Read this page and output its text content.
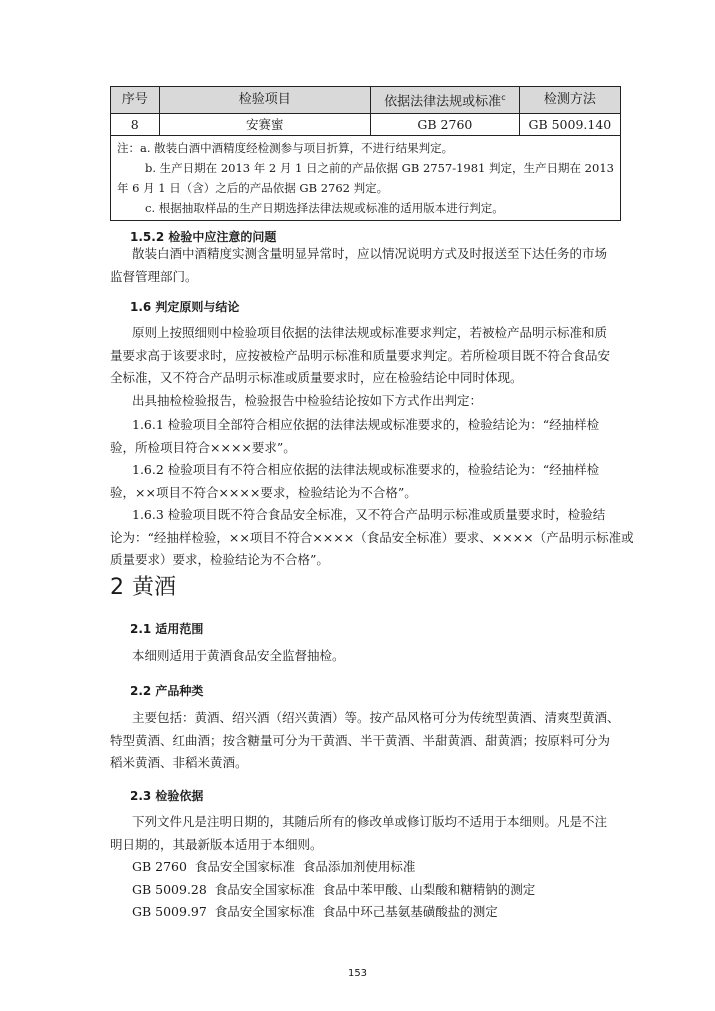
序号	检验项目	依据法律法规或标准$^c$	检测方法
8	安赛蜜	GB 2760	GB 5009.140

注：a. 散装白酒中酒精度经检测参与项目折算，不进行结果判定。
b. 生产日期在 2013 年 2 月 1 日之前的产品依据 GB 2757-1981 判定，生产日期在 2013
年 6 月 1 日（含）之后的产品依据 GB 2762 判定。
c. 根据抽取样品的生产日期选择法律法规或标准的适用版本进行判定。			
1.5.2 检验中应注意的问题
散装白酒中酒精度实测含量明显异常时，应以情况说明方式及时报送至下达任务的市场
监督管理部门。
1.6 判定原则与结论
原则上按照细则中检验项目依据的法律法规或标准要求判定，若被检产品明示标准和质
量要求高于该要求时，应按被检产品明示标准和质量要求判定。若所检项目既不符合食品安
全标准，又不符合产品明示标准或质量要求时，应在检验结论中同时体现。
出具抽检检验报告，检验报告中检验结论按如下方式作出判定：
1.6.1 检验项目全部符合相应依据的法律法规或标准要求的，检验结论为：“经抽样检
验，所检项目符合××××要求”。
1.6.2 检验项目有不符合相应依据的法律法规或标准要求的，检验结论为：“经抽样检
验，××项目不符合××××要求，检验结论为不合格”。
1.6.3 检验项目既不符合食品安全标准，又不符合产品明示标准或质量要求时，检验结
论为：“经抽样检验，××项目不符合××××（食品安全标准）要求、××××（产品明示标准或
质量要求）要求，检验结论为不合格”。
2 黄酒
2.1 适用范围
本细则适用于黄酒食品安全监督抽检。
2.2 产品种类
主要包括：黄酒、绍兴酒（绍兴黄酒）等。按产品风格可分为传统型黄酒、清爽型黄酒、
特型黄酒、红曲酒；按含糖量可分为干黄酒、半干黄酒、半甜黄酒、甜黄酒；按原料可分为
稻米黄酒、非稻米黄酒。
2.3 检验依据
下列文件凡是注明日期的，其随后所有的修改单或修订版均不适用于本细则。凡是不注
明日期的，其最新版本适用于本细则。
GB 2760  食品安全国家标准  食品添加剂使用标准
GB 5009.28  食品安全国家标准  食品中苯甲酸、山梨酸和糖精钠的测定
GB 5009.97  食品安全国家标准  食品中环己基氨基磺酸盐的测定
153
